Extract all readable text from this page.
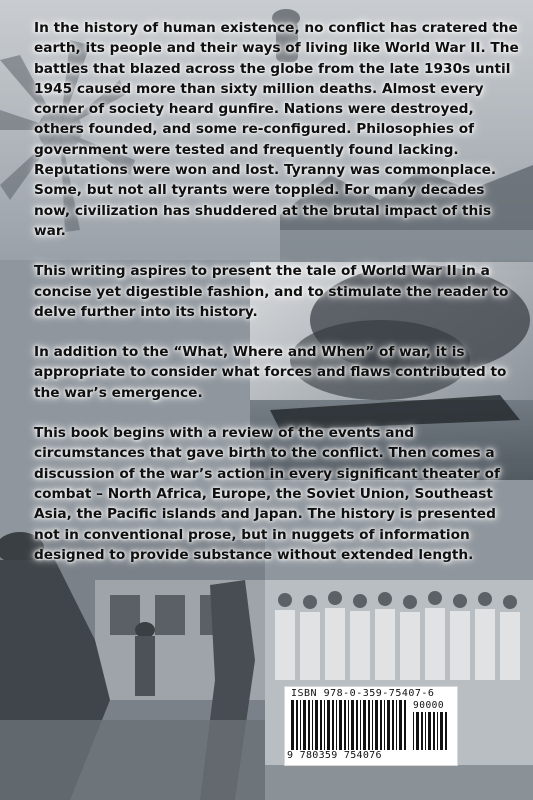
In the history of human existence, no conflict has cratered the earth, its people and their ways of living like World War II. The battles that blazed across the globe from the late 1930s until 1945 caused more than sixty million deaths. Almost every corner of society heard gunfire. Nations were destroyed, others founded, and some re-configured. Philosophies of government were tested and frequently found lacking. Reputations were won and lost. Tyranny was commonplace. Some, but not all tyrants were toppled. For many decades now, civilization has shuddered at the brutal impact of this war.

This writing aspires to present the tale of World War II in a concise yet digestible fashion, and to stimulate the reader to delve further into its history.

In addition to the “What, Where and When” of war, it is appropriate to consider what forces and flaws contributed to the war’s emergence.

This book begins with a review of the events and circumstances that gave birth to the conflict. Then comes a discussion of the war’s action in every significant theater of combat – North Africa, Europe, the Soviet Union, Southeast Asia, the Pacific islands and Japan. The history is presented not in conventional prose, but in nuggets of information designed to provide substance without extended length.

ISBN 978-0-359-75407-6
90000
9 780359 754076
